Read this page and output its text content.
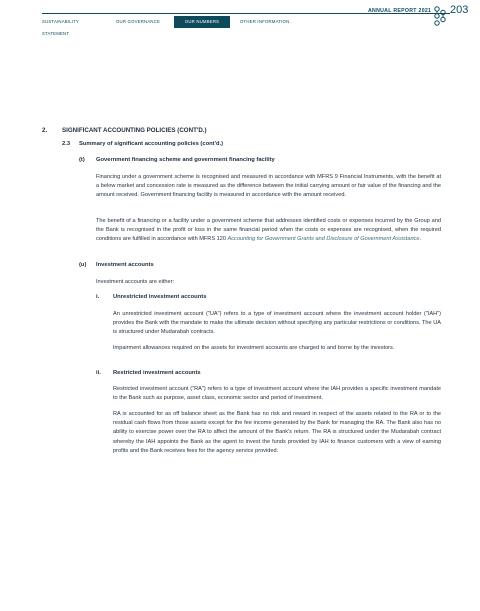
ANNUAL REPORT 2021 203
SUSTAINABILITY STATEMENT
OUR GOVERNANCE	OUR NUMBERS	OTHER INFORMATION
2. SIGNIFICANT ACCOUNTING POLICIES (CONT'D.)
2.3 Summary of significant accounting policies (cont'd.)
(t) Government financing scheme and government financing facility
Financing under a government scheme is recognised and measured in accordance with MFRS 9 Financial Instruments, with the benefit at a below market and concession rate is measured as the difference between the initial carrying amount or fair value of the financing and the amount received. Government financing facility is measured in accordance with the amount received.
The benefit of a financing or a facility under a government scheme that addresses identified costs or expenses incurred by the Group and the Bank is recognised in the profit or loss in the same financial period when the costs or expenses are recognised, when the required conditions are fulfilled in accordance with MFRS 120 Accounting for Government Grants and Disclosure of Government Assistance.
(u) Investment accounts
Investment accounts are either:
i. Unrestricted investment accounts
An unrestricted investment account ("UA") refers to a type of investment account where the investment account holder ("IAH") provides the Bank with the mandate to make the ultimate decision without specifying any particular restrictions or conditions. The UA is structured under Mudarabah contracts.
Impairment allowances required on the assets for investment accounts are charged to and borne by the investors.
ii. Restricted investment accounts
Restricted investment account ("RA") refers to a type of investment account where the IAH provides a specific investment mandate to the Bank such as purpose, asset class, economic sector and period of investment.
RA is accounted for as off balance sheet as the Bank has no risk and reward in respect of the assets related to the RA or to the residual cash flows from those assets except for the fee income generated by the Bank for managing the RA. The Bank also has no ability to exercise power over the RA to affect the amount of the Bank's return. The RA is structured under the Mudarabah contract whereby the IAH appoints the Bank as the agent to invest the funds provided by IAH to finance customers with a view of earning profits and the Bank receives fees for the agency service provided.
